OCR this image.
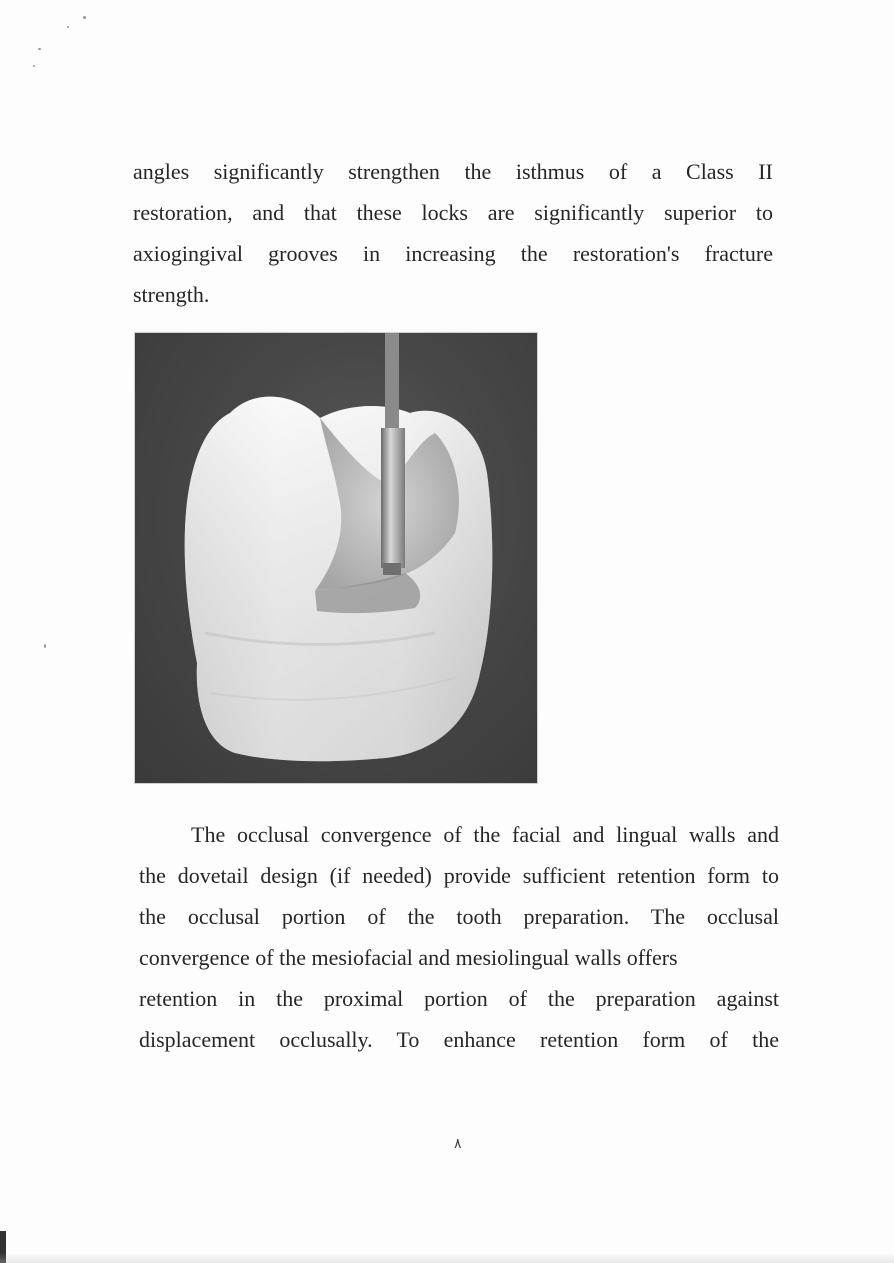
angles significantly strengthen the isthmus of a Class II
restoration, and that these locks are significantly superior to
axiogingival grooves in increasing the restoration's fracture
strength.
The occlusal convergence of the facial and lingual walls and
the dovetail design (if needed) provide sufficient retention form to
the occlusal portion of the tooth preparation. The occlusal
convergence of the mesiofacial and mesiolingual walls offers
retention in the proximal portion of the preparation against
displacement occlusally. To enhance retention form of the
٨
